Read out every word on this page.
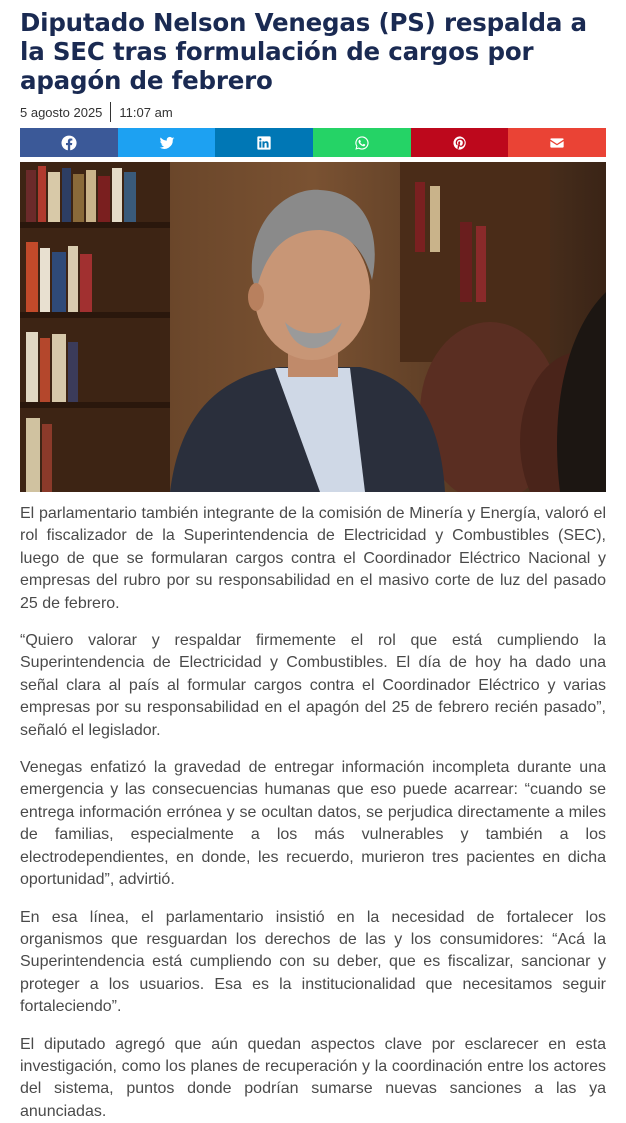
Diputado Nelson Venegas (PS) respalda a la SEC tras formulación de cargos por apagón de febrero
5 agosto 2025 11:07 am

El parlamentario también integrante de la comisión de Minería y Energía, valoró el rol fiscalizador de la Superintendencia de Electricidad y Combustibles (SEC), luego de que se formularan cargos contra el Coordinador Eléctrico Nacional y empresas del rubro por su responsabilidad en el masivo corte de luz del pasado 25 de febrero.

“Quiero valorar y respaldar firmemente el rol que está cumpliendo la Superintendencia de Electricidad y Combustibles. El día de hoy ha dado una señal clara al país al formular cargos contra el Coordinador Eléctrico y varias empresas por su responsabilidad en el apagón del 25 de febrero recién pasado”, señaló el legislador.

Venegas enfatizó la gravedad de entregar información incompleta durante una emergencia y las consecuencias humanas que eso puede acarrear: “cuando se entrega información errónea y se ocultan datos, se perjudica directamente a miles de familias, especialmente a los más vulnerables y también a los electrodependientes, en donde, les recuerdo, murieron tres pacientes en dicha oportunidad”, advirtió.

En esa línea, el parlamentario insistió en la necesidad de fortalecer los organismos que resguardan los derechos de las y los consumidores: “Acá la Superintendencia está cumpliendo con su deber, que es fiscalizar, sancionar y proteger a los usuarios. Esa es la institucionalidad que necesitamos seguir fortaleciendo”.

El diputado agregó que aún quedan aspectos clave por esclarecer en esta investigación, como los planes de recuperación y la coordinación entre los actores del sistema, puntos donde podrían sumarse nuevas sanciones a las ya anunciadas.
